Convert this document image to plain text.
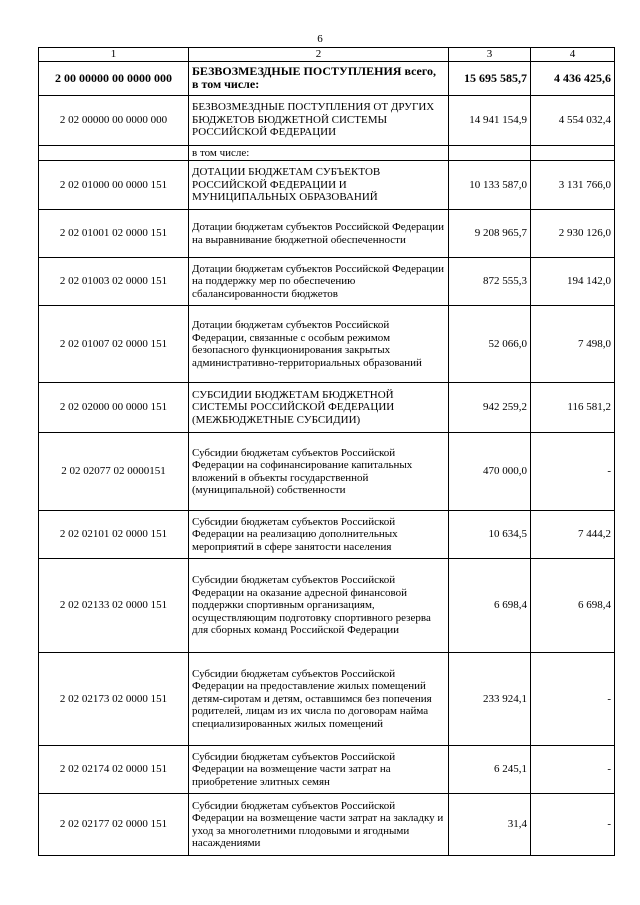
6
1	2	3	4
2 00 00000 00 0000 000	БЕЗВОЗМЕЗДНЫЕ ПОСТУПЛЕНИЯ всего, в том числе:	15 695 585,7	4 436 425,6
2 02 00000 00 0000 000	БЕЗВОЗМЕЗДНЫЕ ПОСТУПЛЕНИЯ ОТ ДРУГИХ БЮДЖЕТОВ БЮДЖЕТНОЙ СИСТЕМЫ РОССИЙСКОЙ ФЕДЕРАЦИИ	14 941 154,9	4 554 032,4
	в том числе:		
2 02 01000 00 0000 151	ДОТАЦИИ БЮДЖЕТАМ СУБЪЕКТОВ РОССИЙСКОЙ ФЕДЕРАЦИИ И МУНИЦИПАЛЬНЫХ ОБРАЗОВАНИЙ	10 133 587,0	3 131 766,0
2 02 01001 02 0000 151	Дотации бюджетам субъектов Российской Федерации на выравнивание бюджетной обеспеченности	9 208 965,7	2 930 126,0
2 02 01003 02 0000 151	Дотации бюджетам субъектов Российской Федерации на поддержку мер по обеспечению сбалансированности бюджетов	872 555,3	194 142,0
2 02 01007 02 0000 151	Дотации бюджетам субъектов Российской Федерации, связанные с особым режимом безопасного функционирования закрытых административно-территориальных образований	52 066,0	7 498,0
2 02 02000 00 0000 151	СУБСИДИИ БЮДЖЕТАМ БЮДЖЕТНОЙ СИСТЕМЫ РОССИЙСКОЙ ФЕДЕРАЦИИ (МЕЖБЮДЖЕТНЫЕ СУБСИДИИ)	942 259,2	116 581,2
2 02 02077 02 0000151	Субсидии бюджетам субъектов Российской Федерации на софинансирование капитальных вложений в объекты государственной (муниципальной) собственности	470 000,0	-
2 02 02101 02 0000 151	Субсидии бюджетам субъектов Российской Федерации на реализацию дополнительных мероприятий в сфере занятости населения	10 634,5	7 444,2
2 02 02133 02 0000 151	Субсидии бюджетам субъектов Российской Федерации на оказание адресной финансовой поддержки спортивным организациям, осуществляющим подготовку спортивного резерва для сборных команд Российской Федерации	6 698,4	6 698,4
2 02 02173 02 0000 151	Субсидии бюджетам субъектов Российской Федерации на предоставление жилых помещений детям-сиротам и детям, оставшимся без попечения родителей, лицам из их числа по договорам найма специализированных жилых помещений	233 924,1	-
2 02 02174 02 0000 151	Субсидии бюджетам субъектов Российской Федерации на возмещение части затрат на приобретение элитных семян	6 245,1	-
2 02 02177 02 0000 151	Субсидии бюджетам субъектов Российской Федерации на возмещение части затрат на закладку и уход за многолетними плодовыми и ягодными насаждениями	31,4	-
